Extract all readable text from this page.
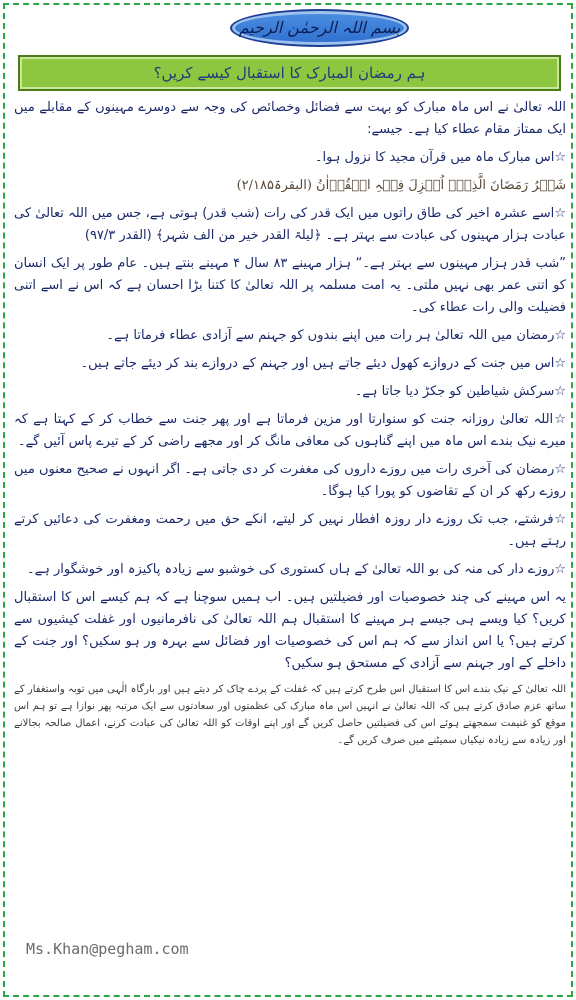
بسم اللہ الرحمٰن الرحیم
ہم رمضان المبارک کا استقبال کیسے کریں؟

اللہ تعالیٰ نے اس ماہ مبارک کو بہت سے فضائل وخصائص کی وجہ سے دوسرے مہینوں کے مقابلے میں ایک ممتاز مقام عطاء کیا ہے۔ جیسے:

☆اس مبارک ماہ میں قرآن مجید کا نزول ہوا۔

شَہۡرُ رَمَضَانَ الَّذِیۡۤ اُنۡزِلَ فِیۡہِ الۡقُرۡاٰنُ (البقرۃ۲/۱۸۵)

☆اسے عشرہ اخیر کی طاق راتوں میں ایک قدر کی رات (شب قدر) ہوتی ہے، جس میں اللہ تعالیٰ کی عبادت ہزار مہینوں کی عبادت سے بہتر ہے۔ ﴿لیلۃ القدر خیر من الف شہر﴾ (القدر ۹۷/۳)

”شب قدر ہزار مہینوں سے بہتر ہے۔“ ہزار مہینے ۸۳ سال ۴ مہینے بنتے ہیں۔ عام طور پر ایک انسان کو اتنی عمر بھی نہیں ملتی۔ یہ امت مسلمہ پر اللہ تعالیٰ کا کتنا بڑا احسان ہے کہ اس نے اسے اتنی فضیلت والی رات عطاء کی۔

☆رمضان میں اللہ تعالیٰ ہر رات میں اپنے بندوں کو جہنم سے آزادی عطاء فرماتا ہے۔

☆اس میں جنت کے دروازے کھول دیئے جاتے ہیں اور جہنم کے دروازے بند کر دیئے جاتے ہیں۔

☆سرکش شیاطین کو جکڑ دیا جاتا ہے۔

☆اللہ تعالیٰ روزانہ جنت کو سنوارتا اور مزین فرماتا ہے اور پھر جنت سے خطاب کر کے کہتا ہے کہ میرے نیک بندے اس ماہ میں اپنے گناہوں کی معافی مانگ کر اور مجھے راضی کر کے تیرے پاس آئیں گے۔

☆رمضان کی آخری رات میں روزے داروں کی مغفرت کر دی جاتی ہے۔ اگر انہوں نے صحیح معنوں میں روزے رکھ کر ان کے تقاضوں کو پورا کیا ہوگا۔

☆فرشتے، جب تک روزے دار روزہ افطار نہیں کر لیتے، انکے حق میں رحمت ومغفرت کی دعائیں کرتے رہتے ہیں۔

☆روزے دار کی منہ کی بو اللہ تعالیٰ کے ہاں کستوری کی خوشبو سے زیادہ پاکیزہ اور خوشگوار ہے۔

یہ اس مہینے کی چند خصوصیات اور فضیلتیں ہیں۔ اب ہمیں سوچنا ہے کہ ہم کیسے اس کا استقبال کریں؟ کیا ویسے ہی جیسے ہر مہینے کا استقبال ہم اللہ تعالیٰ کی نافرمانیوں اور غفلت کیشیوں سے کرتے ہیں؟ یا اس انداز سے کہ ہم اس کی خصوصیات اور فضائل سے بہرہ ور ہو سکیں؟ اور جنت کے داخلے کے اور جہنم سے آزادی کے مستحق ہو سکیں؟

اللہ تعالیٰ کے نیک بندے اس کا استقبال اس طرح کرتے ہیں کہ غفلت کے پردے چاک کر دیتے ہیں اور بارگاہ الٰہی میں توبہ واستغفار کے ساتھ عزم صادق کرتے ہیں کہ اللہ تعالیٰ نے انہیں اس ماہ مبارک کی عظمتوں اور سعادتوں سے ایک مرتبہ پھر نوازا ہے تو ہم اس موقع کو غنیمت سمجھتے ہوئے اس کی فضیلتیں حاصل کریں گے اور اپنے اوقات کو اللہ تعالیٰ کی عبادت کرنے، اعمال صالحہ بجالانے اور زیادہ سے زیادہ نیکیاں سمیٹنے میں صرف کریں گے۔

Ms.Khan@pegham.com
